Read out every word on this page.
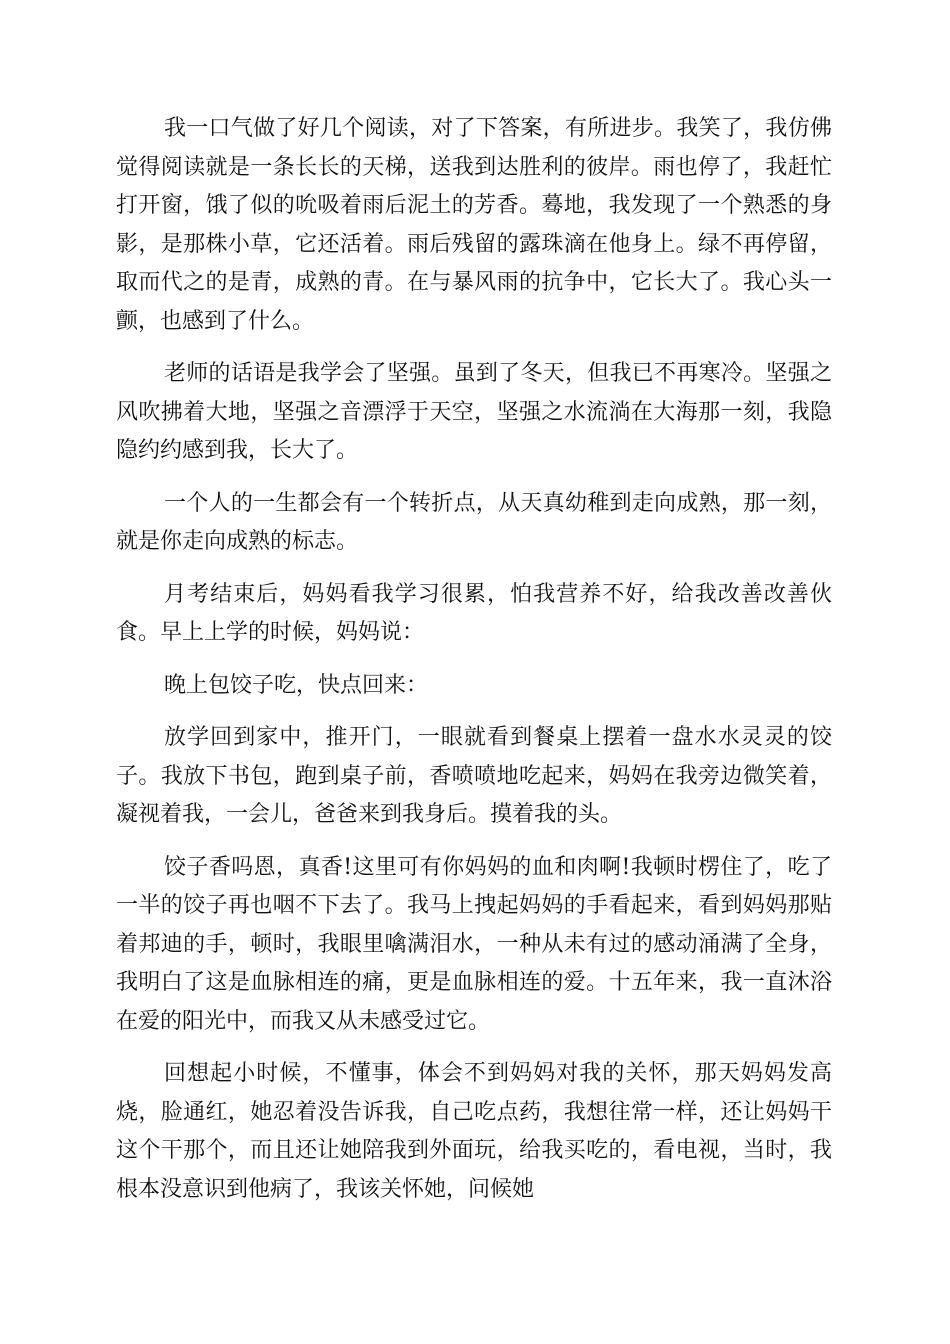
我一口气做了好几个阅读，对了下答案，有所进步。我笑了，我仿佛觉得阅读就是一条长长的天梯，送我到达胜利的彼岸。雨也停了，我赶忙打开窗，饿了似的吮吸着雨后泥土的芳香。蓦地，我发现了一个熟悉的身影，是那株小草，它还活着。雨后残留的露珠滴在他身上。绿不再停留，取而代之的是青，成熟的青。在与暴风雨的抗争中，它长大了。我心头一颤，也感到了什么。

老师的话语是我学会了坚强。虽到了冬天，但我已不再寒冷。坚强之风吹拂着大地，坚强之音漂浮于天空，坚强之水流淌在大海那一刻，我隐隐约约感到我，长大了。

一个人的一生都会有一个转折点，从天真幼稚到走向成熟，那一刻，就是你走向成熟的标志。

月考结束后，妈妈看我学习很累，怕我营养不好，给我改善改善伙食。早上上学的时候，妈妈说：

晚上包饺子吃，快点回来：

放学回到家中，推开门，一眼就看到餐桌上摆着一盘水水灵灵的饺子。我放下书包，跑到桌子前，香喷喷地吃起来，妈妈在我旁边微笑着，凝视着我，一会儿，爸爸来到我身后。摸着我的头。

饺子香吗恩，真香!这里可有你妈妈的血和肉啊!我顿时楞住了，吃了一半的饺子再也咽不下去了。我马上拽起妈妈的手看起来，看到妈妈那贴着邦迪的手，顿时，我眼里噙满泪水，一种从未有过的感动涌满了全身，我明白了这是血脉相连的痛，更是血脉相连的爱。十五年来，我一直沐浴在爱的阳光中，而我又从未感受过它。

回想起小时候，不懂事，体会不到妈妈对我的关怀，那天妈妈发高烧，脸通红，她忍着没告诉我，自己吃点药，我想往常一样，还让妈妈干这个干那个，而且还让她陪我到外面玩，给我买吃的，看电视，当时，我根本没意识到他病了，我该关怀她，问候她
